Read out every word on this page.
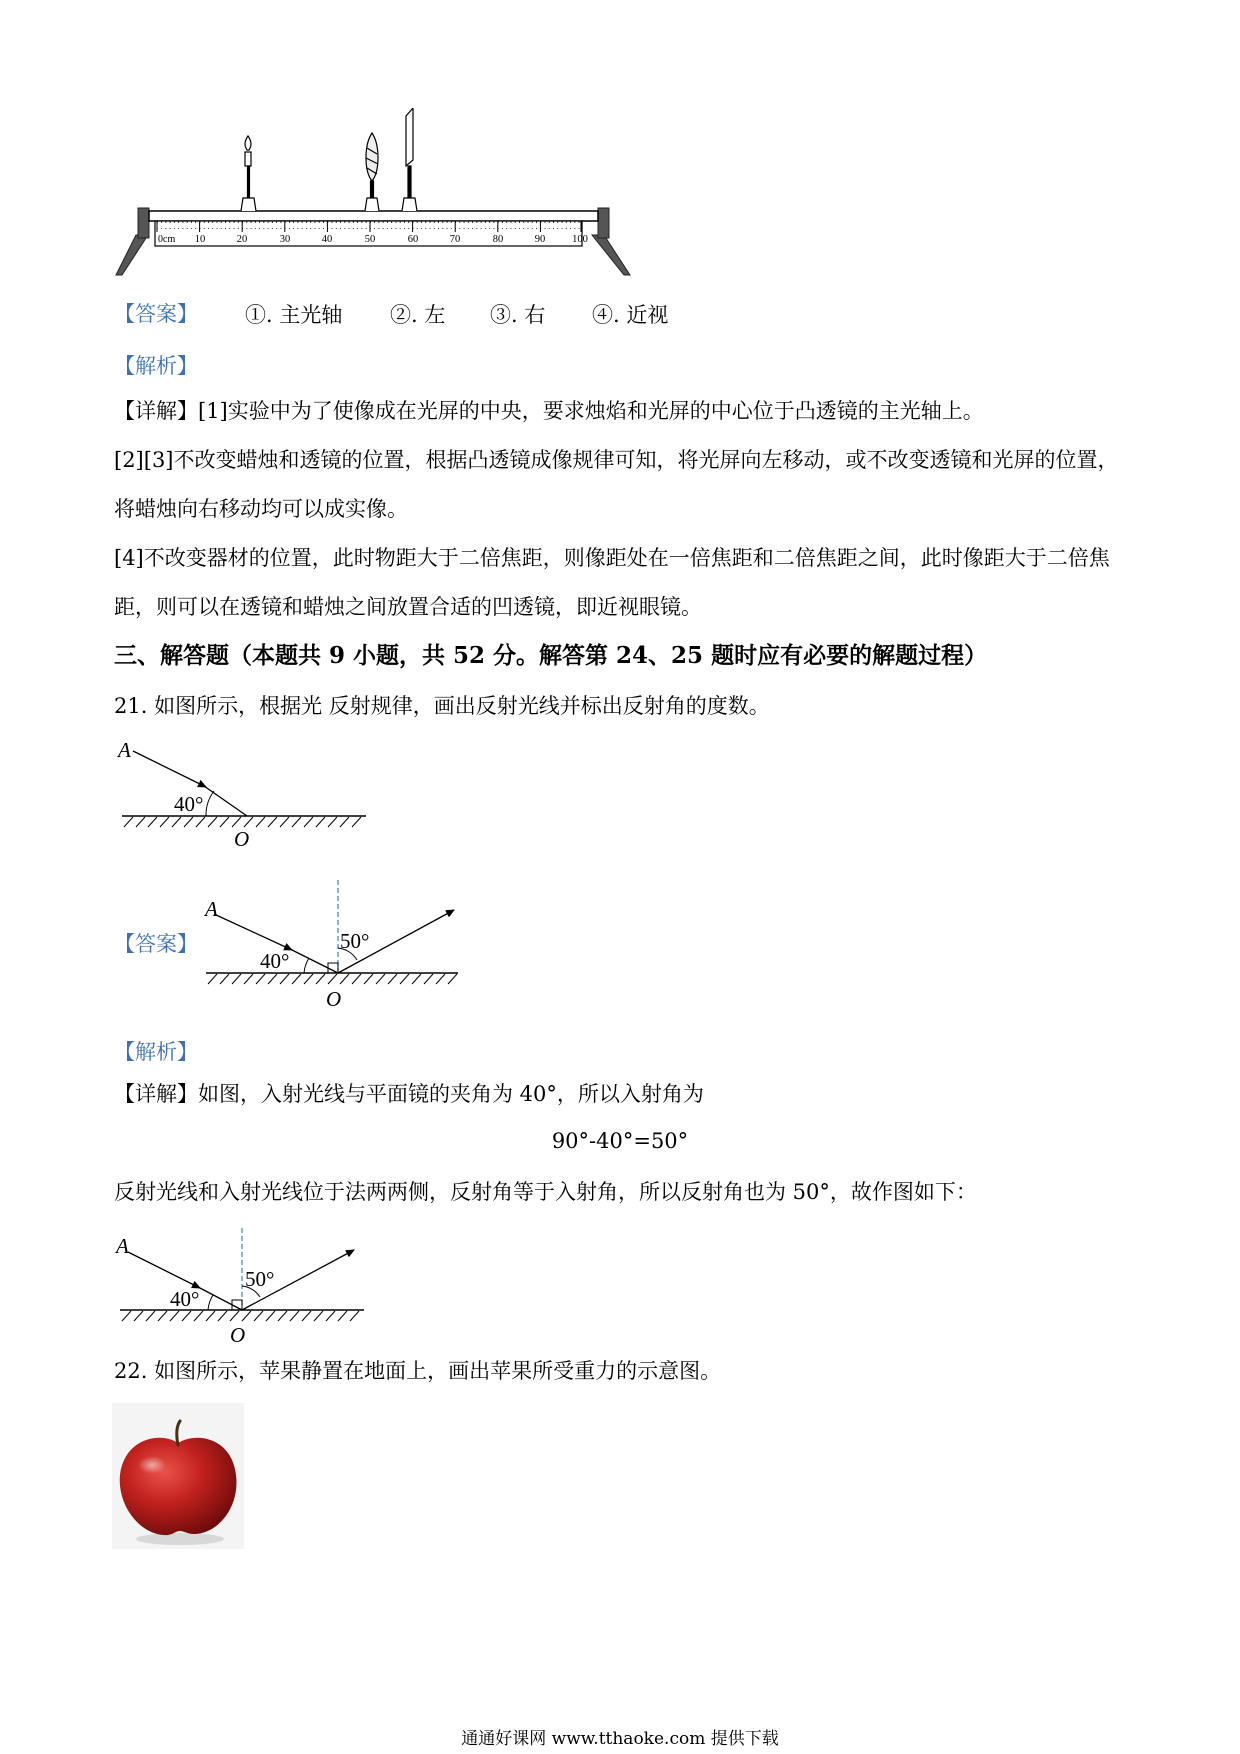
0cm 10	20	30	40	50	60	70	80	90	100
【答案】 ①. 主光轴 ②. 左 ③. 右 ④. 近视
【解析】

【详解】[1]实验中为了使像成在光屏的中央，要求烛焰和光屏的中心位于凸透镜的主光轴上。

[2][3]不改变蜡烛和透镜的位置，根据凸透镜成像规律可知，将光屏向左移动，或不改变透镜和光屏的位置，将蜡烛向右移动均可以成实像。

[4]不改变器材的位置，此时物距大于二倍焦距，则像距处在一倍焦距和二倍焦距之间，此时像距大于二倍焦距，则可以在透镜和蜡烛之间放置合适的凹透镜，即近视眼镜。

三、解答题（本题共 9 小题，共 52 分。解答第 24、25 题时应有必要的解题过程）

21. 如图所示，根据光 反射规律，画出反射光线并标出反射角的度数。

A
40°
O
【答案】
A
40°
50°
O
【解析】

【详解】如图，入射光线与平面镜的夹角为 40°，所以入射角为

90°-40°=50°

反射光线和入射光线位于法两两侧，反射角等于入射角，所以反射角也为 50°，故作图如下：

A
40°
50°
O

22. 如图所示，苹果静置在地面上，画出苹果所受重力的示意图。

通通好课网 www.tthaoke.com 提供下载
